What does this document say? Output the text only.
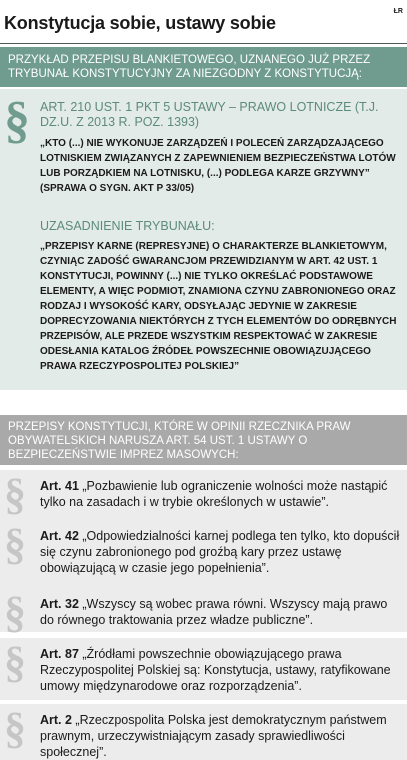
Konstytucja sobie, ustawy sobie
ŁR
PRZYKŁAD PRZEPISU BLANKIETOWEGO, UZNANEGO JUŻ PRZEZ TRYBUNAŁ KONSTYTUCYJNY ZA NIEZGODNY Z KONSTYTUCJĄ:
§ ART. 210 UST. 1 PKT 5 USTAWY – PRAWO LOTNICZE (T.J. DZ.U. Z 2013 R. POZ. 1393)
„KTO (...) NIE WYKONUJE ZARZĄDZEŃ I POLECEŃ ZARZĄDZAJĄCEGO LOTNISKIEM ZWIĄZANYCH Z ZAPEWNIENIEM BEZPIECZEŃSTWA LOTÓW LUB PORZĄDKIEM NA LOTNISKU, (...) PODLEGA KARZE GRZYWNY” (SPRAWA O SYGN. AKT P 33/05)
UZASADNIENIE TRYBUNAŁU:
„PRZEPISY KARNE (REPRESYJNE) O CHARAKTERZE BLANKIETOWYM, CZYNIĄC ZADOŚĆ GWARANCJOM PRZEWIDZIANYM W ART. 42 UST. 1 KONSTYTUCJI, POWINNY (...) NIE TYLKO OKREŚLAĆ PODSTAWOWE ELEMENTY, A WIĘC PODMIOT, ZNAMIONA CZYNU ZABRONIONEGO ORAZ RODZAJ I WYSOKOŚĆ KARY, ODSYŁAJĄC JEDYNIE W ZAKRESIE DOPRECYZOWANIA NIEKTÓRYCH Z TYCH ELEMENTÓW DO ODRĘBNYCH PRZEPISÓW, ALE PRZEDE WSZYSTKIM RESPEKTOWAĆ W ZAKRESIE ODESŁANIA KATALOG ŹRÓDEŁ POWSZECHNIE OBOWIĄZUJĄCEGO PRAWA RZECZYPOSPOLITEJ POLSKIEJ”
PRZEPISY KONSTYTUCJI, KTÓRE W OPINII RZECZNIKA PRAW OBYWATELSKICH NARUSZA ART. 54 UST. 1 USTAWY O BEZPIECZEŃSTWIE IMPREZ MASOWYCH:
§ Art. 41 „Pozbawienie lub ograniczenie wolności może nastąpić tylko na zasadach i w trybie określonych w ustawie”.
§ Art. 42 „Odpowiedzialności karnej podlega ten tylko, kto dopuścił się czynu zabronionego pod groźbą kary przez ustawę obowiązującą w czasie jego popełnienia”.
§ Art. 32 „Wszyscy są wobec prawa równi. Wszyscy mają prawo do równego traktowania przez władze publiczne”.
§ Art. 87 „Źródłami powszechnie obowiązującego prawa Rzeczypospolitej Polskiej są: Konstytucja, ustawy, ratyfikowane umowy międzynarodowe oraz rozporządzenia”.
§ Art. 2 „Rzeczpospolita Polska jest demokratycznym państwem prawnym, urzeczywistniającym zasady sprawiedliwości społecznej”.
